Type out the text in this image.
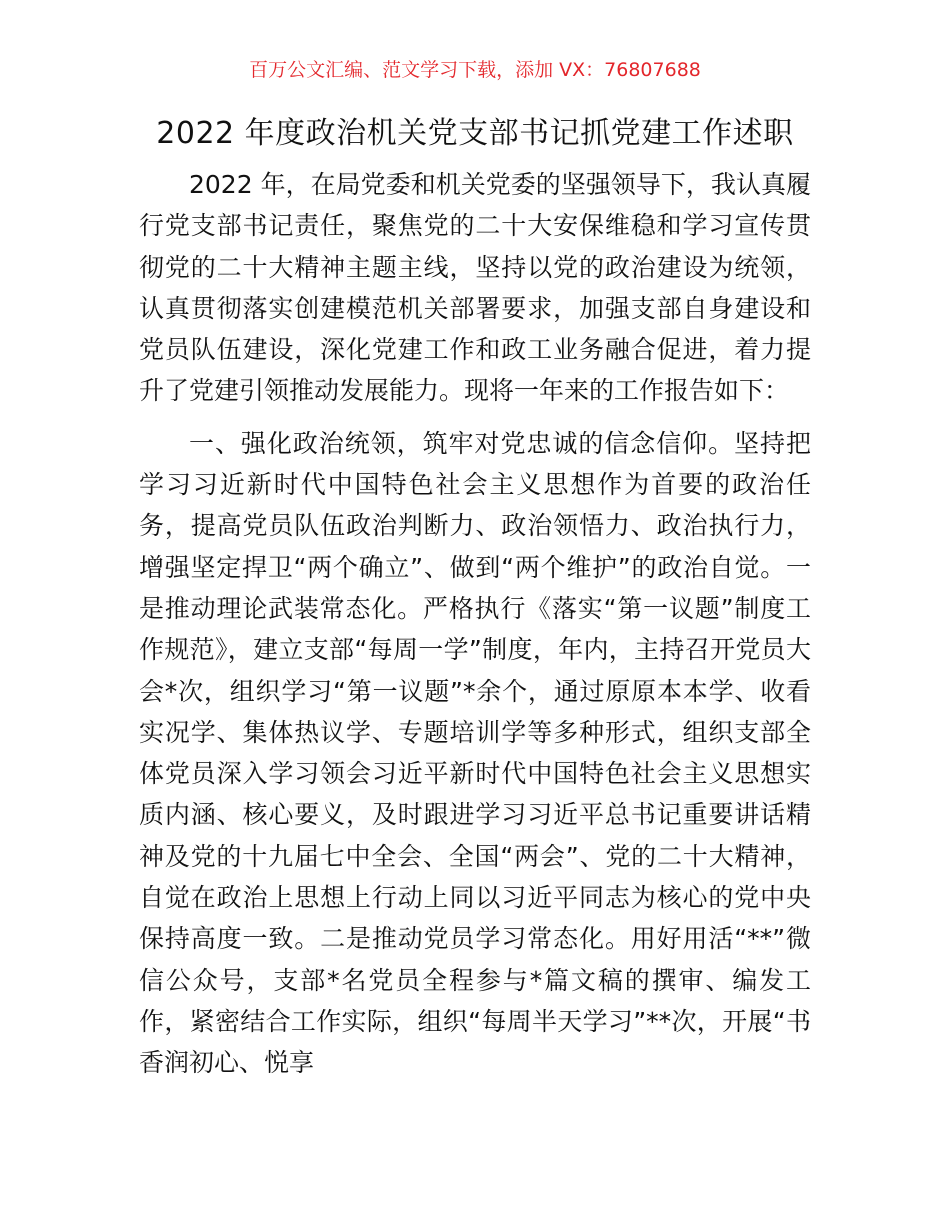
百万公文汇编、范文学习下载，添加 VX：76807688
2022 年度政治机关党支部书记抓党建工作述职

2022 年，在局党委和机关党委的坚强领导下，我认真履行党支部书记责任，聚焦党的二十大安保维稳和学习宣传贯彻党的二十大精神主题主线，坚持以党的政治建设为统领，认真贯彻落实创建模范机关部署要求，加强支部自身建设和党员队伍建设，深化党建工作和政工业务融合促进，着力提升了党建引领推动发展能力。现将一年来的工作报告如下：

一、强化政治统领，筑牢对党忠诚的信念信仰。坚持把学习习近新时代中国特色社会主义思想作为首要的政治任务，提高党员队伍政治判断力、政治领悟力、政治执行力，增强坚定捍卫“两个确立”、做到“两个维护”的政治自觉。一是推动理论武装常态化。严格执行《落实“第一议题”制度工作规范》，建立支部“每周一学”制度，年内，主持召开党员大会*次，组织学习“第一议题”*余个，通过原原本本学、收看实况学、集体热议学、专题培训学等多种形式，组织支部全体党员深入学习领会习近平新时代中国特色社会主义思想实质内涵、核心要义，及时跟进学习习近平总书记重要讲话精神及党的十九届七中全会、全国“两会”、党的二十大精神，自觉在政治上思想上行动上同以习近平同志为核心的党中央保持高度一致。二是推动党员学习常态化。用好用活“**”微信公众号，支部*名党员全程参与*篇文稿的撰审、编发工作，紧密结合工作实际，组织“每周半天学习”**次，开展“书香润初心、悦享
